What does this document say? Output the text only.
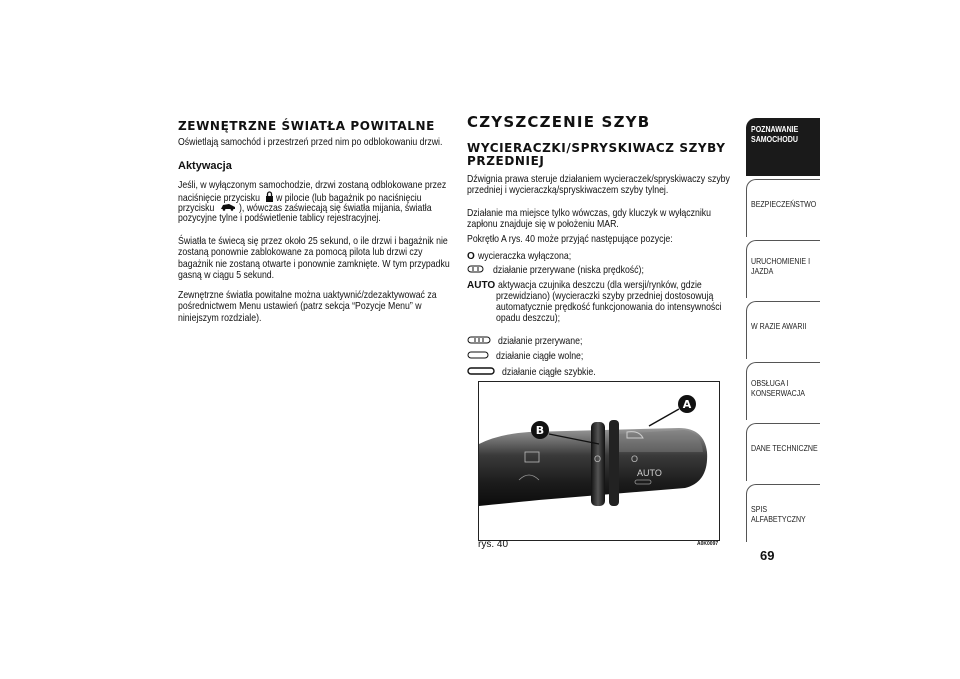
ZEWNĘTRZNE ŚWIATŁA POWITALNE

Oświetlają samochód i przestrzeń przed nim po odblokowaniu drzwi.

Aktywacja

Jeśli, w wyłączonym samochodzie, drzwi zostaną odblokowane przez

naciśnięcie przycisku w pilocie (lub bagażnik po naciśnięciu
przycisku ), wówczas zaświecają się światła mijania, światła

pozycyjne tylne i podświetlenie tablicy rejestracyjnej.

Światła te świecą się przez około 25 sekund, o ile drzwi i bagażnik nie zostaną ponownie zablokowane za pomocą pilota lub drzwi czy bagażnik nie zostaną otwarte i ponownie zamknięte. W tym przypadku gasną w ciągu 5 sekund.

Zewnętrzne światła powitalne można uaktywnić/zdezaktywować za pośrednictwem Menu ustawień (patrz sekcja “Pozycje Menu” w niniejszym rozdziale).

CZYSZCZENIE SZYB
WYCIERACZKI/SPRYSKIWACZ SZYBY
PRZEDNIEJ

Dźwignia prawa steruje działaniem wycieraczek/spryskiwaczy szyby przedniej i wycieraczką/spryskiwaczem szyby tylnej.

Działanie ma miejsce tylko wówczas, gdy kluczyk w wyłączniku zapłonu znajduje się w położeniu MAR.

Pokrętło A rys. 40 może przyjąć następujące pozycje:

O wycieraczka wyłączona;
działanie przerywane (niska prędkość);
AUTO aktywacja czujnika deszczu (dla wersji/rynków, gdzie
przewidziano) (wycieraczki szyby przedniej dostosowują
automatycznie prędkość funkcjonowania do intensywności
opadu deszczu);
działanie przerywane;
działanie ciągłe wolne;
działanie ciągłe szybkie.
AUTO
O
O
B
A
rys. 40	A0K0097
POZNAWANIE
SAMOCHODU
BEZPIECZEŃSTWO
URUCHOMIENIE I
JAZDA
W RAZIE AWARII
OBSŁUGA I
KONSERWACJA
DANE TECHNICZNE
SPIS ALFABETYCZNY
69
